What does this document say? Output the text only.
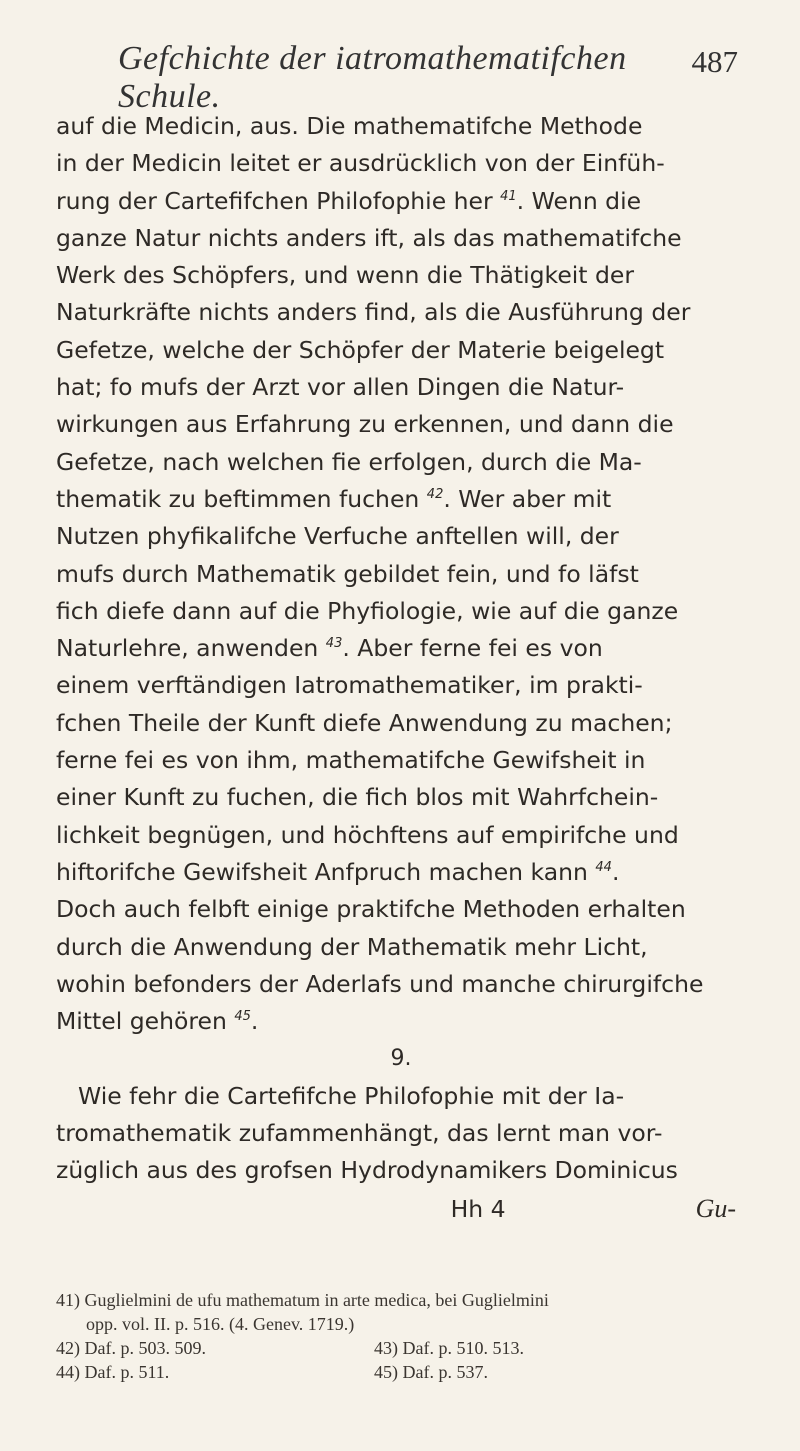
Gefchichte der iatromathematifchen Schule.
487
auf die Medicin, aus. Die mathematifche Methode
in der Medicin leitet er ausdrücklich von der Einfüh-
rung der Cartefifchen Philofophie her $^{41}$. Wenn die
ganze Natur nichts anders ift, als das mathematifche
Werk des Schöpfers, und wenn die Thätigkeit der
Naturkräfte nichts anders find, als die Ausführung der
Gefetze, welche der Schöpfer der Materie beigelegt
hat; fo mufs der Arzt vor allen Dingen die Natur-
wirkungen aus Erfahrung zu erkennen, und dann die
Gefetze, nach welchen fie erfolgen, durch die Ma-
thematik zu beftimmen fuchen $^{42}$. Wer aber mit
Nutzen phyfikalifche Verfuche anftellen will, der
mufs durch Mathematik gebildet fein, und fo läfst
fich diefe dann auf die Phyfiologie, wie auf die ganze
Naturlehre, anwenden $^{43}$. Aber ferne fei es von
einem verftändigen Iatromathematiker, im prakti-
fchen Theile der Kunft diefe Anwendung zu machen;
ferne fei es von ihm, mathematifche Gewifsheit in
einer Kunft zu fuchen, die fich blos mit Wahrfchein-
lichkeit begnügen, und höchftens auf empirifche und
hiftorifche Gewifsheit Anfpruch machen kann $^{44}$.
Doch auch felbft einige praktifche Methoden erhalten
durch die Anwendung der Mathematik mehr Licht,
wohin befonders der Aderlafs und manche chirurgifche
Mittel gehören $^{45}$.
9.
Wie fehr die Cartefifche Philofophie mit der Ia-
tromathematik zufammenhängt, das lernt man vor-
züglich aus des grofsen Hydrodynamikers Dominicus
Hh 4	Gu-
41) Guglielmini de ufu mathematum in arte medica, bei Guglielmini
opp. vol. II. p. 516. (4. Genev. 1719.)
42) Daf. p. 503. 509.	43) Daf. p. 510. 513.
44) Daf. p. 511.	45) Daf. p. 537.
